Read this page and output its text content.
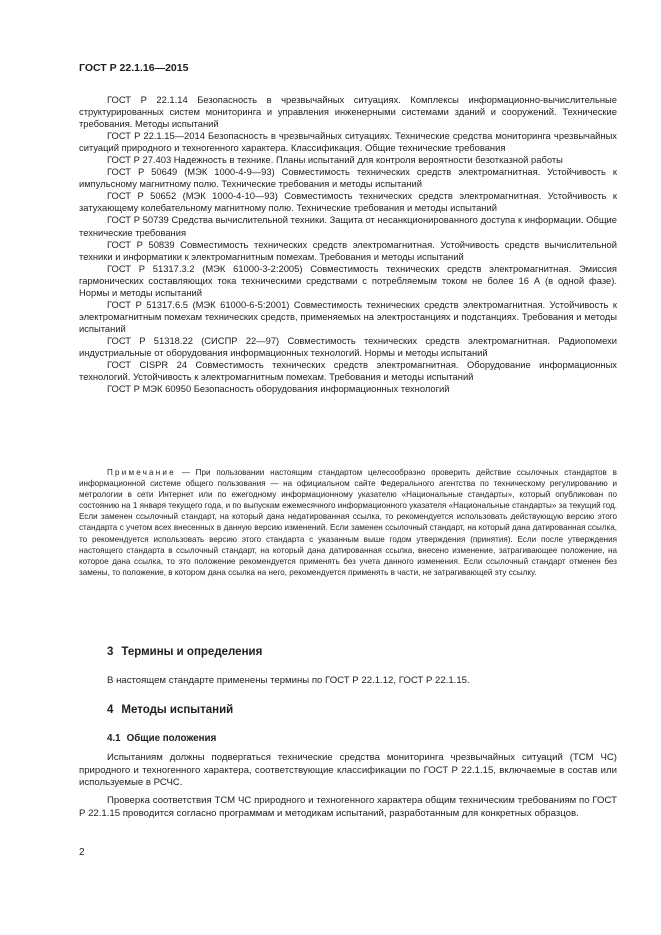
ГОСТ Р 22.1.16—2015

ГОСТ Р 22.1.14 Безопасность в чрезвычайных ситуациях. Комплексы информационно-вычислительные структурированных систем мониторинга и управления инженерными системами зданий и сооружений. Технические требования. Методы испытаний

ГОСТ Р 22.1.15—2014 Безопасность в чрезвычайных ситуациях. Технические средства мониторинга чрезвычайных ситуаций природного и техногенного характера. Классификация. Общие технические требования

ГОСТ Р 27.403 Надежность в технике. Планы испытаний для контроля вероятности безотказной работы

ГОСТ Р 50649 (МЭК 1000-4-9—93) Совместимость технических средств электромагнитная. Устойчивость к импульсному магнитному полю. Технические требования и методы испытаний

ГОСТ Р 50652 (МЭК 1000-4-10—93) Совместимость технических средств электромагнитная. Устойчивость к затухающему колебательному магнитному полю. Технические требования и методы испытаний

ГОСТ Р 50739 Средства вычислительной техники. Защита от несанкционированного доступа к информации. Общие технические требования

ГОСТ Р 50839 Совместимость технических средств электромагнитная. Устойчивость средств вычислительной техники и информатики к электромагнитным помехам. Требования и методы испытаний

ГОСТ Р 51317.3.2 (МЭК 61000-3-2:2005) Совместимость технических средств электромагнитная. Эмиссия гармонических составляющих тока техническими средствами с потребляемым током не более 16 А (в одной фазе). Нормы и методы испытаний

ГОСТ Р 51317.6.5 (МЭК 61000-6-5:2001) Совместимость технических средств электромагнитная. Устойчивость к электромагнитным помехам технических средств, применяемых на электростанциях и подстанциях. Требования и методы испытаний

ГОСТ Р 51318.22 (СИСПР 22—97) Совместимость технических средств электромагнитная. Радиопомехи индустриальные от оборудования информационных технологий. Нормы и методы испытаний

ГОСТ CISPR 24 Совместимость технических средств электромагнитная. Оборудование информационных технологий. Устойчивость к электромагнитным помехам. Требования и методы испытаний

ГОСТ Р МЭК 60950 Безопасность оборудования информационных технологий

Примечание — При пользовании настоящим стандартом целесообразно проверить действие ссылочных стандартов в информационной системе общего пользования — на официальном сайте Федерального агентства по техническому регулированию и метрологии в сети Интернет или по ежегодному информационному указателю «Национальные стандарты», который опубликован по состоянию на 1 января текущего года, и по выпускам ежемесячного информационного указателя «Национальные стандарты» за текущий год. Если заменен ссылочный стандарт, на который дана недатированная ссылка, то рекомендуется использовать действующую версию этого стандарта с учетом всех внесенных в данную версию изменений. Если заменен ссылочный стандарт, на который дана датированная ссылка, то рекомендуется использовать версию этого стандарта с указанным выше годом утверждения (принятия). Если после утверждения настоящего стандарта в ссылочный стандарт, на который дана датированная ссылка, внесено изменение, затрагивающее положение, на которое дана ссылка, то это положение рекомендуется применять без учета данного изменения. Если ссылочный стандарт отменен без замены, то положение, в котором дана ссылка на него, рекомендуется применять в части, не затрагивающей эту ссылку.

3 Термины и определения

В настоящем стандарте применены термины по ГОСТ Р 22.1.12, ГОСТ Р 22.1.15.

4 Методы испытаний
4.1 Общие положения

Испытаниям должны подвергаться технические средства мониторинга чрезвычайных ситуаций (ТСМ ЧС) природного и техногенного характера, соответствующие классификации по ГОСТ Р 22.1.15, включаемые в состав или используемые в РСЧС.

Проверка соответствия ТСМ ЧС природного и техногенного характера общим техническим требованиям по ГОСТ Р 22.1.15 проводится согласно программам и методикам испытаний, разработанным для конкретных образцов.

2
